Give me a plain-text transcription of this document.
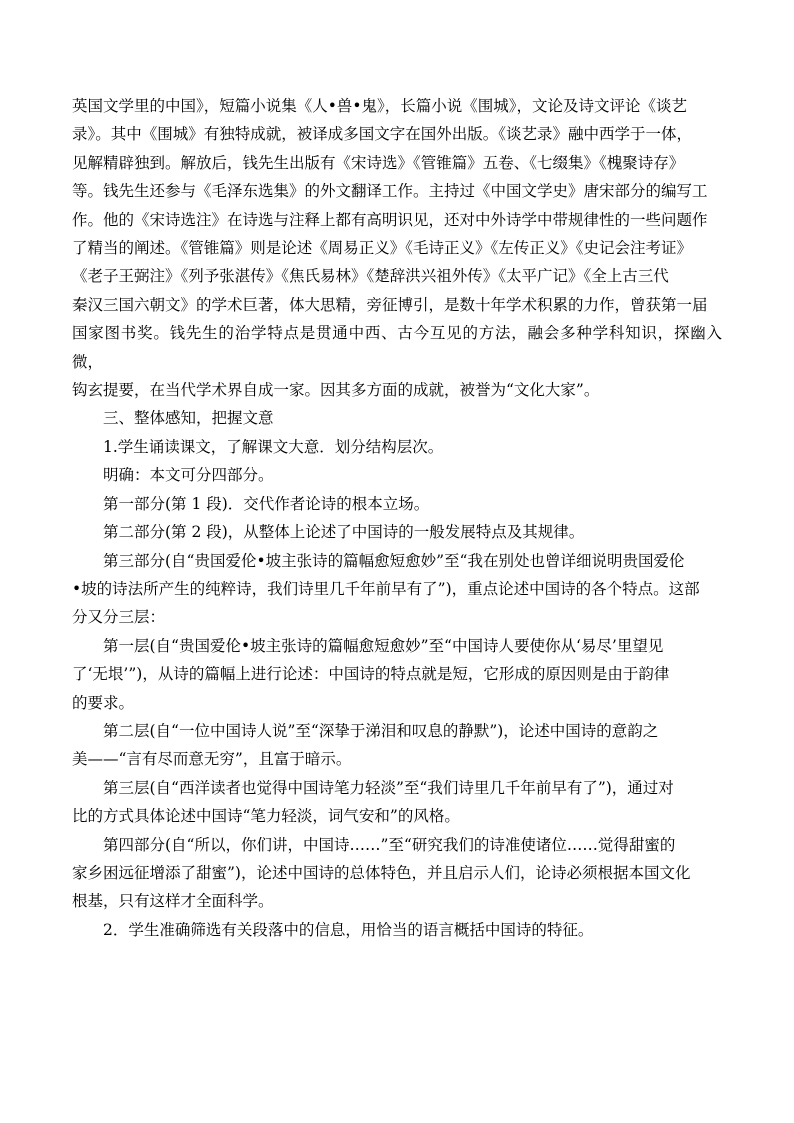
英国文学里的中国》，短篇小说集《人•兽•鬼》，长篇小说《围城》，文论及诗文评论《谈艺
录》。其中《围城》有独特成就，被译成多国文字在国外出版。《谈艺录》融中西学于一体，
见解精辟独到。解放后，钱先生出版有《宋诗选》《管锥篇》五卷、《七缀集》《槐聚诗存》
等。钱先生还参与《毛泽东选集》的外文翻译工作。主持过《中国文学史》唐宋部分的编写工
作。他的《宋诗选注》在诗选与注释上都有高明识见，还对中外诗学中带规律性的一些问题作
了精当的阐述。《管锥篇》则是论述《周易正义》《毛诗正义》《左传正义》《史记会注考证》
《老子王弼注》《列予张湛传》《焦氏易林》《楚辞洪兴祖外传》《太平广记》《全上古三代
秦汉三国六朝文》的学术巨著，体大思精，旁征博引，是数十年学术积累的力作，曾获第一届
国家图书奖。钱先生的治学特点是贯通中西、古今互见的方法，融会多种学科知识，探幽入微，
钩玄提要，在当代学术界自成一家。因其多方面的成就，被誉为“文化大家”。

三、整体感知，把握文意

1.学生诵读课文，了解课文大意．划分结构层次。

明确：本文可分四部分。

第一部分(第 1 段)．交代作者论诗的根本立场。

第二部分(第 2 段)，从整体上论述了中国诗的一般发展特点及其规律。

第三部分(自“贵国爱伦•坡主张诗的篇幅愈短愈妙”至“我在别处也曾详细说明贵国爱伦
•坡的诗法所产生的纯粹诗，我们诗里几千年前早有了”)，重点论述中国诗的各个特点。这部
分又分三层：

第一层(自“贵国爱伦•坡主张诗的篇幅愈短愈妙”至“中国诗人要使你从‘易尽’里望见
了‘无垠’”)，从诗的篇幅上进行论述：中国诗的特点就是短，它形成的原因则是由于韵律
的要求。

第二层(自“一位中国诗人说”至“深挚于涕泪和叹息的静默”)，论述中国诗的意韵之
美——“言有尽而意无穷”，且富于暗示。

第三层(自“西洋读者也觉得中国诗笔力轻淡”至“我们诗里几千年前早有了”)，通过对
比的方式具体论述中国诗“笔力轻淡，词气安和”的风格。

第四部分(自“所以，你们讲，中国诗……”至“研究我们的诗准使诸位……觉得甜蜜的
家乡困远征增添了甜蜜”)，论述中国诗的总体特色，并且启示人们，论诗必须根据本国文化
根基，只有这样才全面科学。

2．学生准确筛选有关段落中的信息，用恰当的语言概括中国诗的特征。
